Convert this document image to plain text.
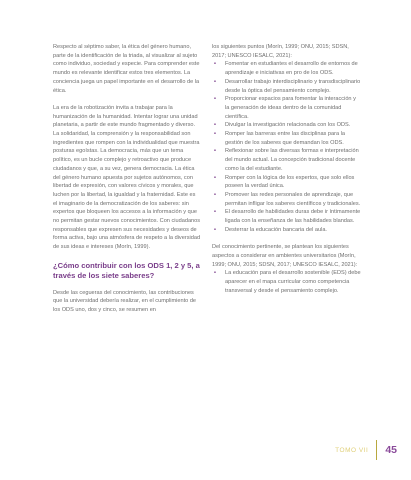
Respecto al séptimo saber, la ética del género humano, parte de la identificación de la triada, al visualizar al sujeto como individuo, sociedad y especie. Para comprender este mundo es relevante identificar estos tres elementos. La conciencia juega un papel importante en el desarrollo de la ética.

La era de la robotización invita a trabajar para la humanización de la humanidad. Intentar lograr una unidad planetaria, a partir de este mundo fragmentado y diverso. La solidaridad, la comprensión y la responsabilidad son ingredientes que rompen con la individualidad que muestra posturas egoístas. La democracia, más que un tema político, es un bucle complejo y retroactivo que produce ciudadanos y que, a su vez, genera democracia. La ética del género humano apuesta por sujetos autónomos, con libertad de expresión, con valores cívicos y morales, que luchen por la libertad, la igualdad y la fraternidad. Este es el imaginario de la democratización de los saberes: sin expertos que bloqueen los accesos a la información y que no permitan gestar nuevos conocimientos. Con ciudadanos responsables que expresen sus necesidades y deseos de forma activa, bajo una atmósfera de respeto a la diversidad de sus ideas e intereses (Morín, 1999).

¿Cómo contribuir con los ODS 1, 2 y 5, a través de los siete saberes?

Desde las cegueras del conocimiento, las contribuciones que la universidad debería realizar, en el cumplimiento de los ODS uno, dos y cinco, se resumen en

los siguientes puntos (Morín, 1999; ONU, 2015; SDSN, 2017; UNESCO IESALC, 2021):

• Fomentar en estudiantes el desarrollo de entornos de aprendizaje e iniciativas en pro de los ODS.
• Desarrollar trabajo interdisciplinario y transdisciplinario desde la óptica del pensamiento complejo.
• Proporcionar espacios para fomentar la interacción y la generación de ideas dentro de la comunidad científica.
• Divulgar la investigación relacionada con los ODS.
• Romper las barreras entre las disciplinas para la gestión de los saberes que demandan los ODS.
• Reflexionar sobre las diversas formas e interpretación del mundo actual. La concepción tradicional docente como la del estudiante.
• Romper con la lógica de los expertos, que solo ellos poseen la verdad única.
• Promover las redes personales de aprendizaje, que permitan infligar los saberes científicos y tradicionales.
• El desarrollo de habilidades duras debe ir íntimamente ligada con la enseñanza de las habilidades blandas.
• Desterrar la educación bancaria del aula.

Del conocimiento pertinente, se plantean los siguientes aspectos a considerar en ambientes universitarios (Morín, 1999; ONU, 2015; SDSN, 2017; UNESCO IESALC, 2021):

• La educación para el desarrollo sostenible (EDS) debe aparecer en el mapa curricular como competencia transversal y desde el pensamiento complejo.
TOMO VII 45
